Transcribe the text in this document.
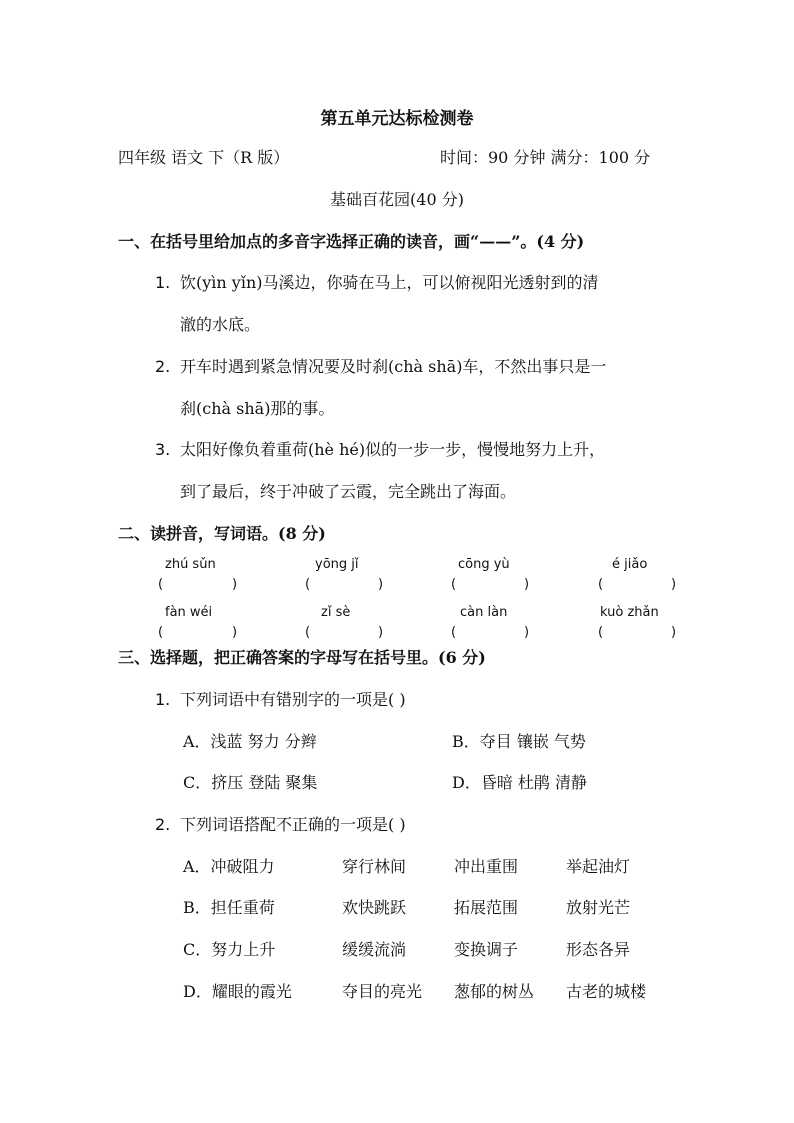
第五单元达标检测卷
四年级 语文 下（R 版）	时间：90 分钟 满分：100 分
基础百花园(40 分)
一、在括号里给加点的多音字选择正确的读音，画“——”。(4 分)
1. 饮(yìn yǐn)马溪边，你骑在马上，可以俯视阳光透射到的清
澈的水底。
2. 开车时遇到紧急情况要及时刹(chà shā)车，不然出事只是一
刹(chà shā)那的事。
3. 太阳好像负着重荷(hè hé)似的一步一步，慢慢地努力上升，
到了最后，终于冲破了云霞，完全跳出了海面。
二、读拼音，写词语。(8 分)
zhú sǔn	yōng jǐ	cōng yù	é jiǎo
(	)	(	)	(	)	(	)
fàn wéi	zǐ sè	càn làn	kuò zhǎn
(	)	(	)	(	)	(	)
三、选择题，把正确答案的字母写在括号里。(6 分)
1. 下列词语中有错别字的一项是( )
A．浅蓝 努力 分辫	B．夺目 镶嵌 气势
C．挤压 登陆 聚集	D．昏暗 杜鹃 清静
2. 下列词语搭配不正确的一项是( )
A．冲破阻力	穿行林间	冲出重围	举起油灯
B．担任重荷	欢快跳跃	拓展范围	放射光芒
C．努力上升	缓缓流淌	变换调子	形态各异
D．耀眼的霞光	夺目的亮光 葱郁的树丛 古老的城楼
